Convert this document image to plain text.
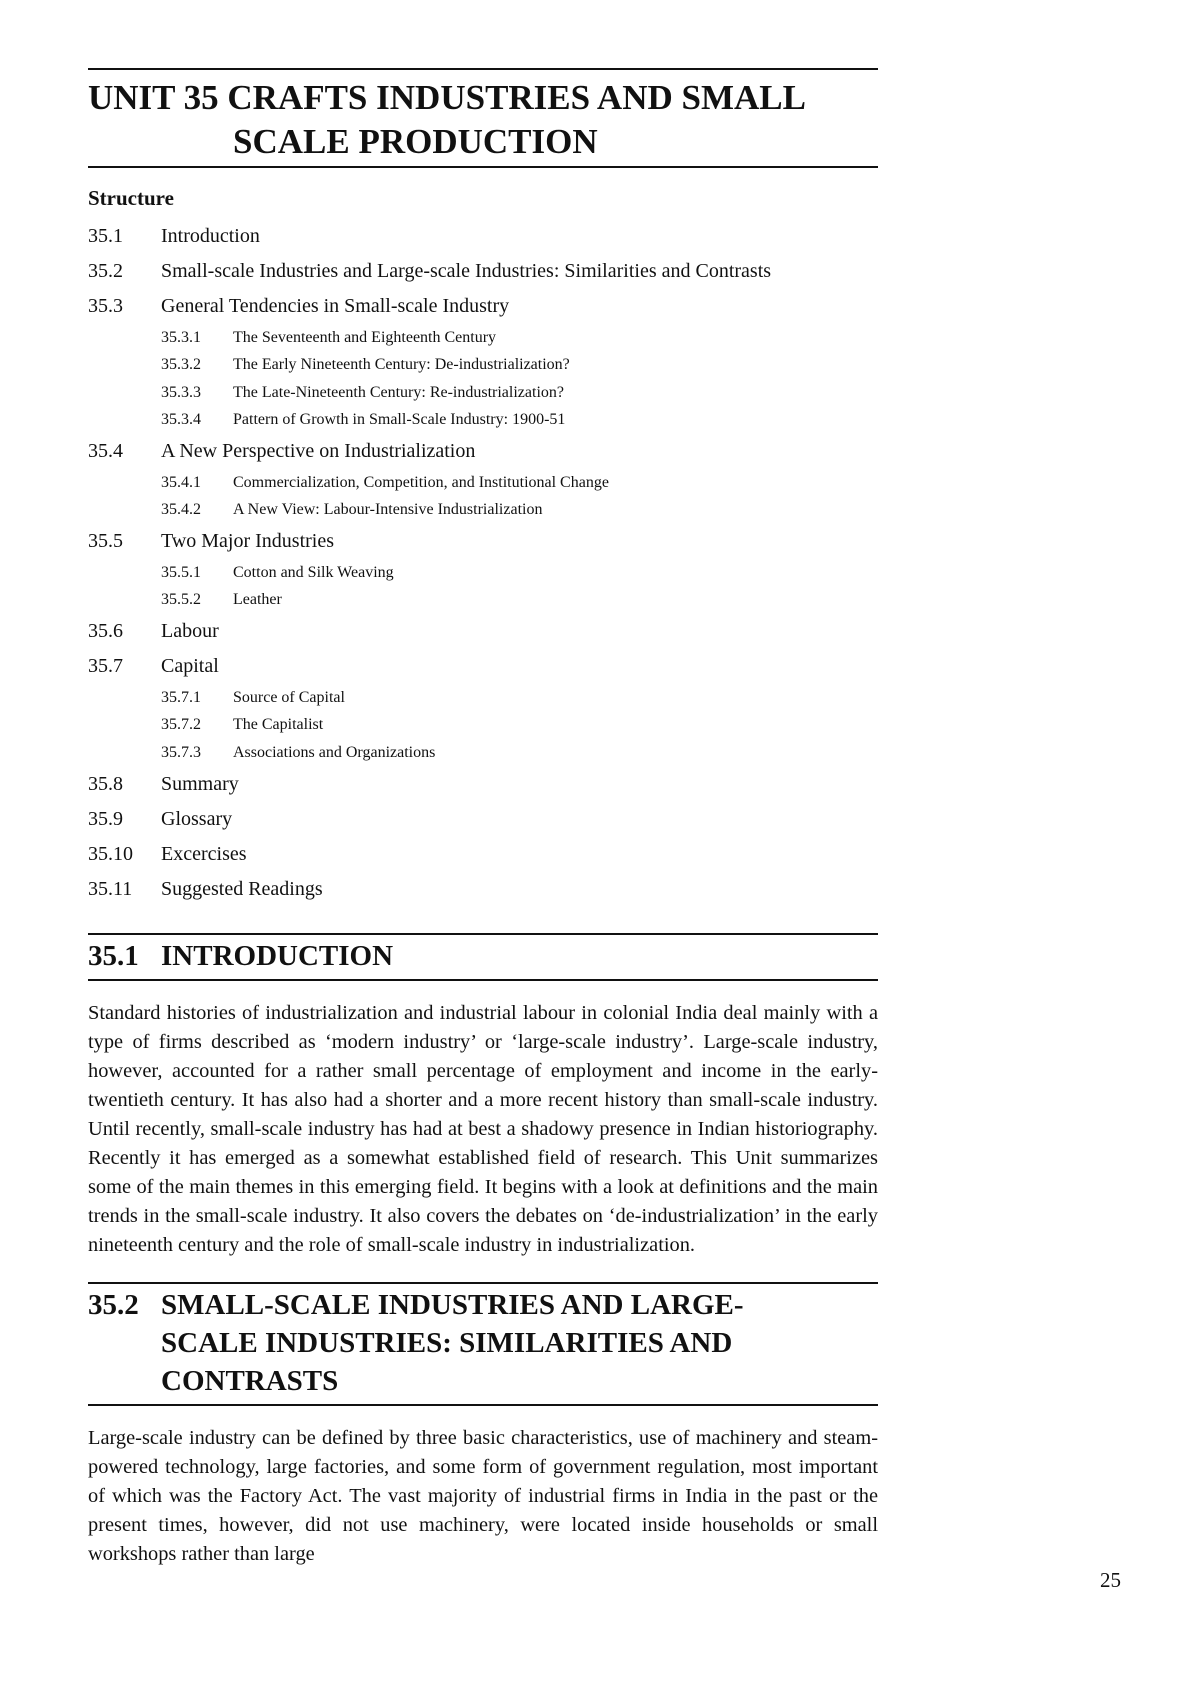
UNIT 35 CRAFTS INDUSTRIES AND SMALL
SCALE PRODUCTION
Structure
35.1	Introduction
35.2	Small-scale Industries and Large-scale Industries: Similarities and Contrasts
35.3	General Tendencies in Small-scale Industry
35.3.1	The Seventeenth and Eighteenth Century
35.3.2	The Early Nineteenth Century: De-industrialization?
35.3.3	The Late-Nineteenth Century: Re-industrialization?
35.3.4	Pattern of Growth in Small-Scale Industry: 1900-51
35.4	A New Perspective on Industrialization
35.4.1	Commercialization, Competition, and Institutional Change
35.4.2	A New View: Labour-Intensive Industrialization
35.5	Two Major Industries
35.5.1	Cotton and Silk Weaving
35.5.2	Leather
35.6	Labour
35.7	Capital
35.7.1	Source of Capital
35.7.2	The Capitalist
35.7.3	Associations and Organizations
35.8	Summary
35.9	Glossary
35.10	Excercises
35.11	Suggested Readings
35.1 INTRODUCTION

Standard histories of industrialization and industrial labour in colonial India deal mainly with a type of firms described as ‘modern industry’ or ‘large-scale industry’. Large-scale industry, however, accounted for a rather small percentage of employment and income in the early-twentieth century. It has also had a shorter and a more recent history than small-scale industry. Until recently, small-scale industry has had at best a shadowy presence in Indian historiography. Recently it has emerged as a somewhat established field of research. This Unit summarizes some of the main themes in this emerging field. It begins with a look at definitions and the main trends in the small-scale industry. It also covers the debates on ‘de-industrialization’ in the early nineteenth century and the role of small-scale industry in industrialization.

35.2 SMALL-SCALE INDUSTRIES AND LARGE-
SCALE INDUSTRIES: SIMILARITIES AND
CONTRASTS

Large-scale industry can be defined by three basic characteristics, use of machinery and steam-powered technology, large factories, and some form of government regulation, most important of which was the Factory Act. The vast majority of industrial firms in India in the past or the present times, however, did not use machinery, were located inside households or small workshops rather than large

25
